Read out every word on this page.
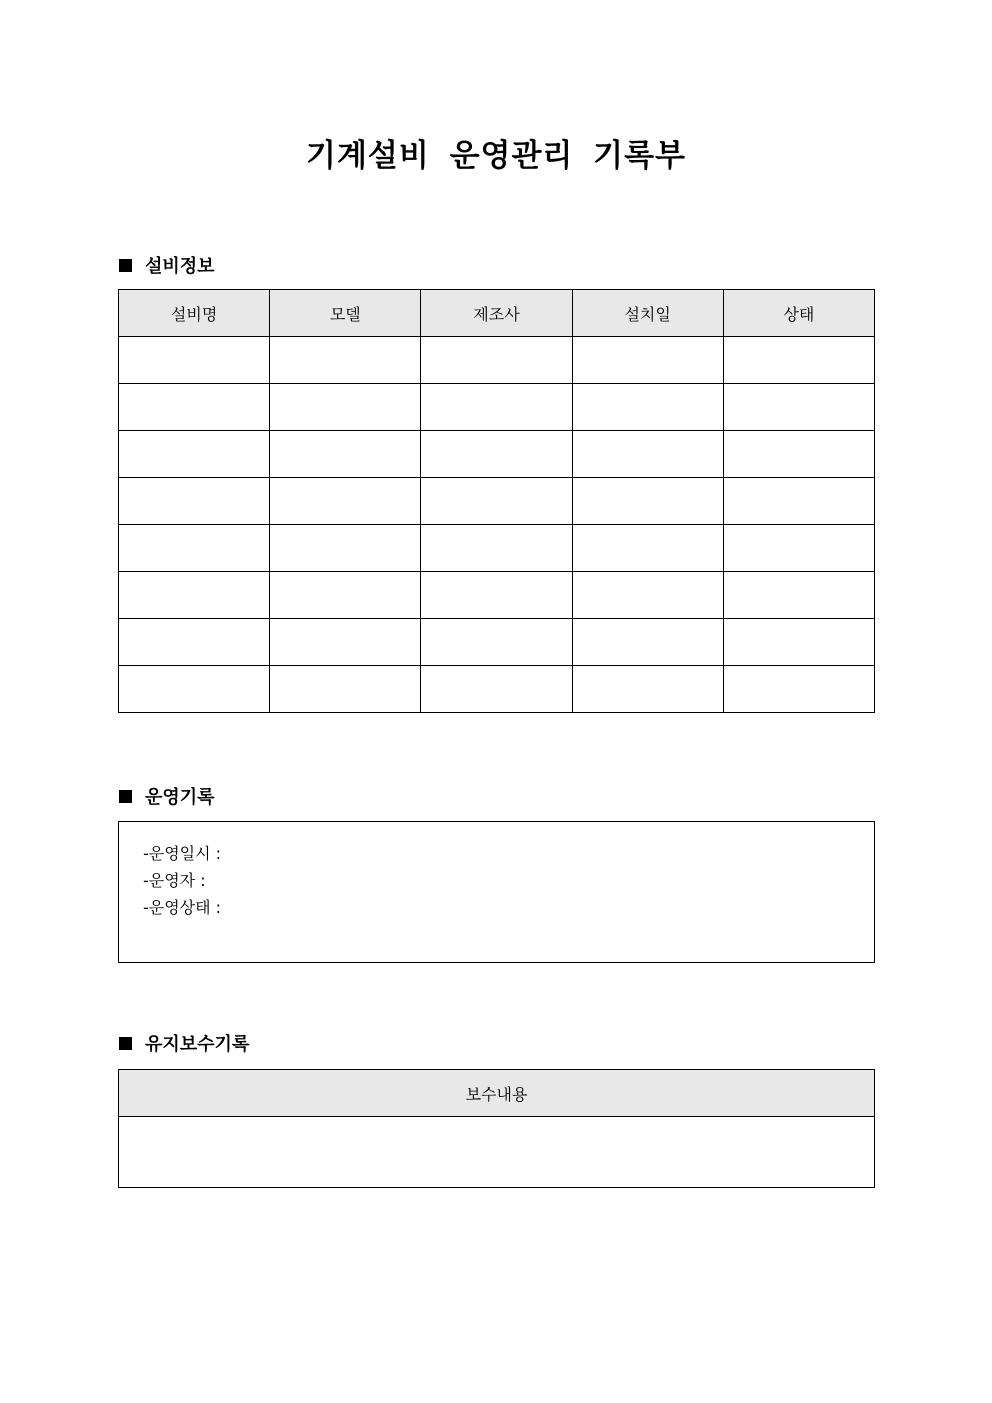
기계설비 운영관리 기록부
설비정보
설비명	모델	제조사	설치일	상태

운영기록
-운영일시 :
-운영자 :
-운영상태 :
유지보수기록
보수내용
